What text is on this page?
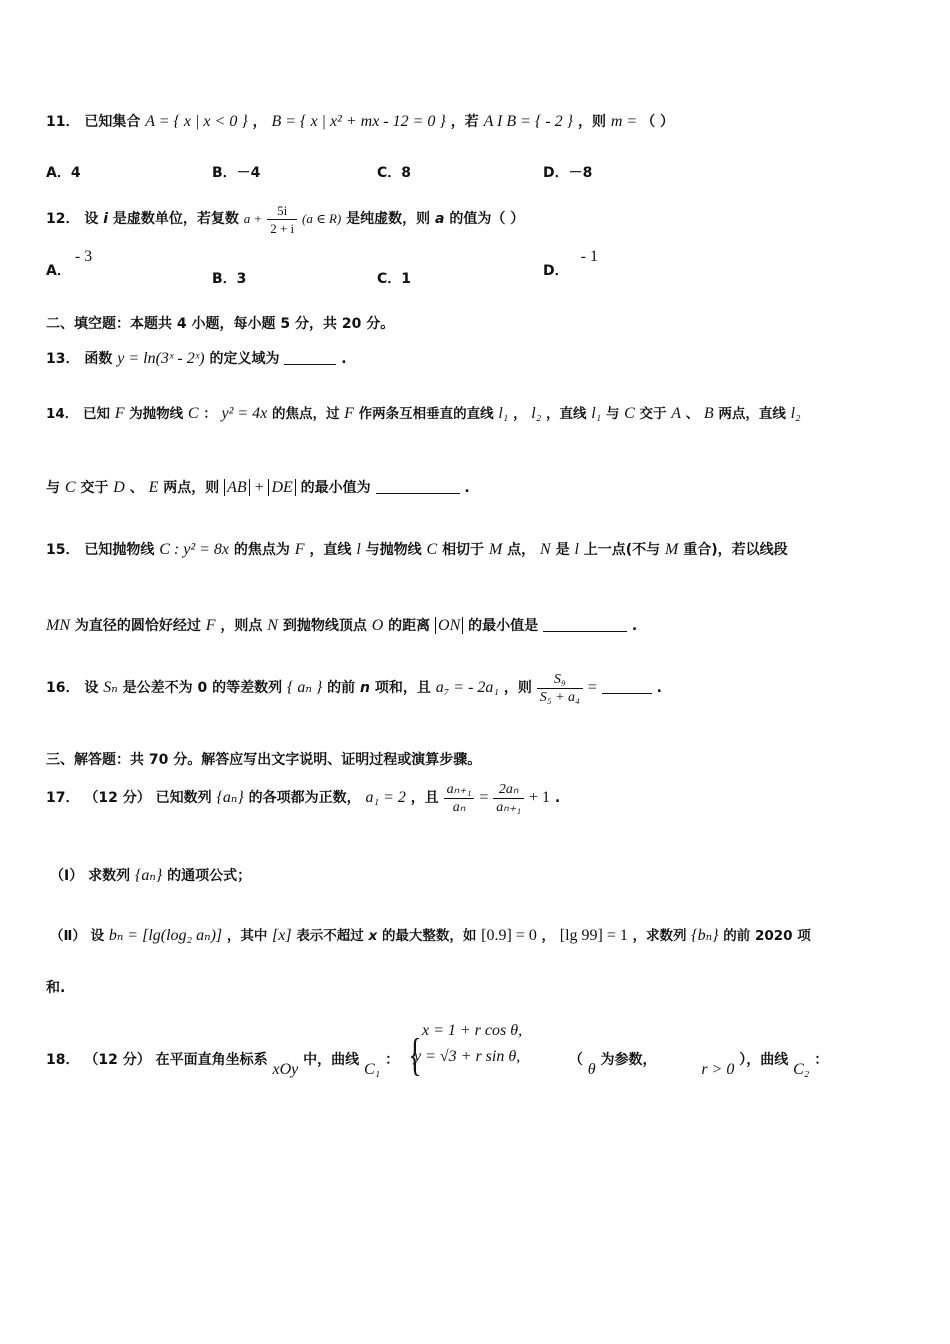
11． 已知集合 A = { x | x < 0 } ， B = { x | x² + mx - 12 = 0 } ，若 A I B = { - 2 } ，则 m = （ ）
A．4	B．－4	C．8	D．－8
12． 设 i 是虚数单位，若复数 $a + \frac{5i}{2 + i} (a$ ∈ R) 是纯虚数，则 a 的值为（ ）
A．- 3
B．3	C．1	D．- 1
二、填空题：本题共 4 小题，每小题 5 分，共 20 分。
13． 函数 y = ln(3ˣ - 2ˣ) 的定义域为	.
14． 已知 F 为抛物线 C ： y² = 4x 的焦点，过 F 作两条互相垂直的直线 l₁ ， l₂ ，直线 l₁ 与 C 交于 A 、 B 两点，直线 l₂
与 C 交于 D 、 E 两点，则 AB + DE 的最小值为	.
15． 已知抛物线 C : y² = 8x 的焦点为 F ，直线 l 与抛物线 C 相切于 M 点， N 是 l 上一点(不与 M 重合)，若以线段
MN 为直径的圆恰好经过 F ，则点 N 到抛物线顶点 O 的距离 ON 的最小值是	.
16． 设 Sₙ 是公差不为 0 的等差数列 { aₙ } 的前 n 项和，且 a₇ = - 2a₁ ，则 $\frac{\text{S₉}}{\text{S₅ + a₄}}$ =	.
三、解答题：共 70 分。解答应写出文字说明、证明过程或演算步骤。
17． （12 分） 已知数列 {aₙ} 的各项都为正数， a₁ = 2 ，且 $\frac{\text{aₙ₊₁}}{\text{aₙ}} = \frac{\text{2aₙ}}{\text{aₙ₊₁}} + 1$ .
（Ⅰ） 求数列 {aₙ} 的通项公式；
（Ⅱ） 设 bₙ = [lg(log₂ aₙ)] ，其中 [x] 表示不超过 x 的最大整数，如 [0.9] = 0 ， [lg 99] = 1 ，求数列 {bₙ} 的前 2020 项
和.
18． （12 分） 在平面直角坐标系 xOy 中，曲线 C₁ ： { x = 1 + r cos θ,
y = √3 + r sin θ,	（ θ 为参数， r > 0 ），曲线 C₂ ：
